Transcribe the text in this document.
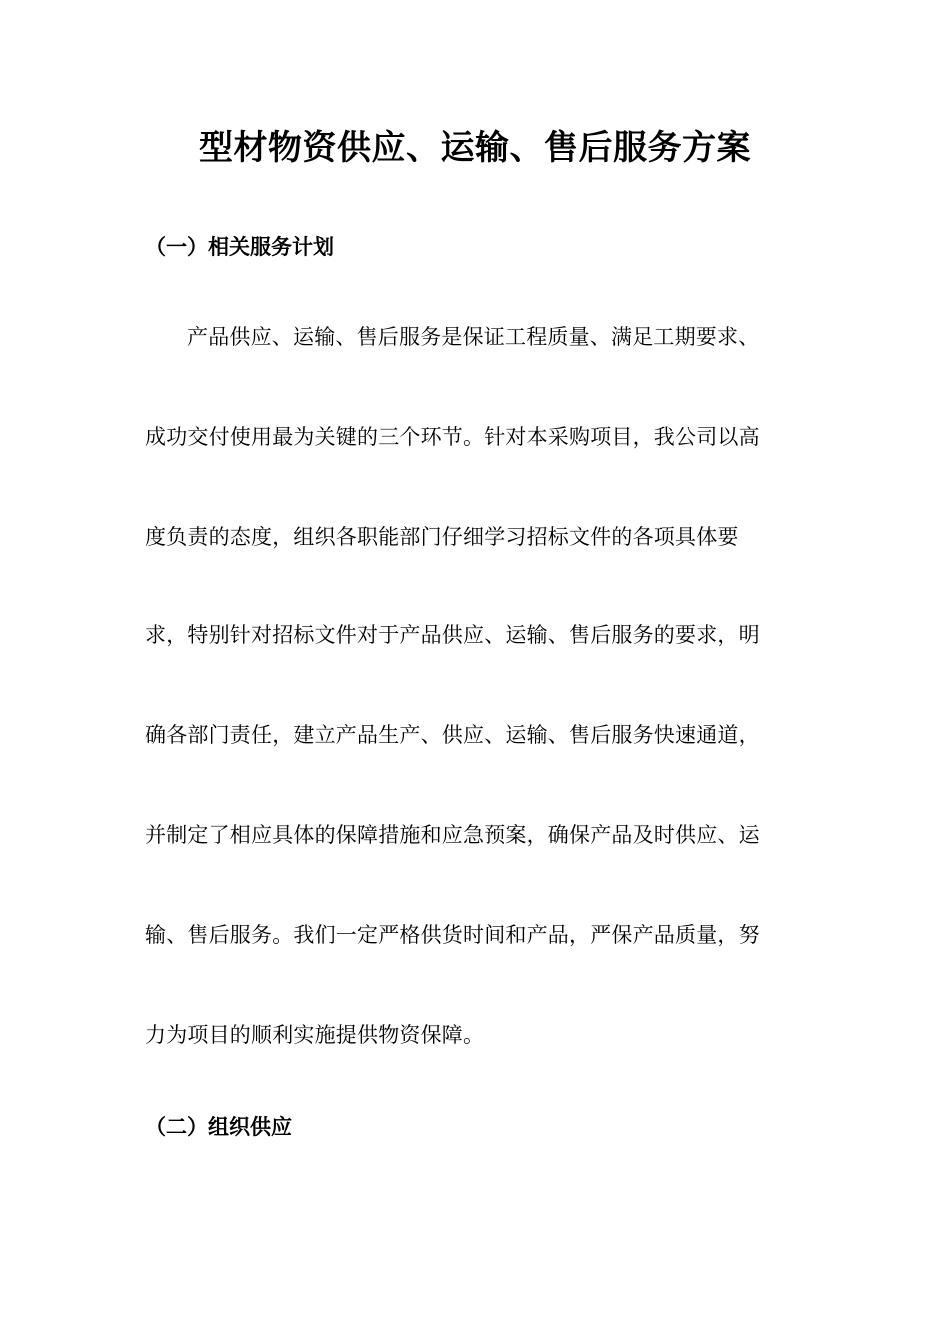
型材物资供应、运输、售后服务方案
（一）相关服务计划
产品供应、运输、售后服务是保证工程质量、满足工期要求、
成功交付使用最为关键的三个环节。针对本采购项目，我公司以高
度负责的态度，组织各职能部门仔细学习招标文件的各项具体要
求，特别针对招标文件对于产品供应、运输、售后服务的要求，明
确各部门责任，建立产品生产、供应、运输、售后服务快速通道，
并制定了相应具体的保障措施和应急预案，确保产品及时供应、运
输、售后服务。我们一定严格供货时间和产品，严保产品质量，努
力为项目的顺利实施提供物资保障。
（二）组织供应
